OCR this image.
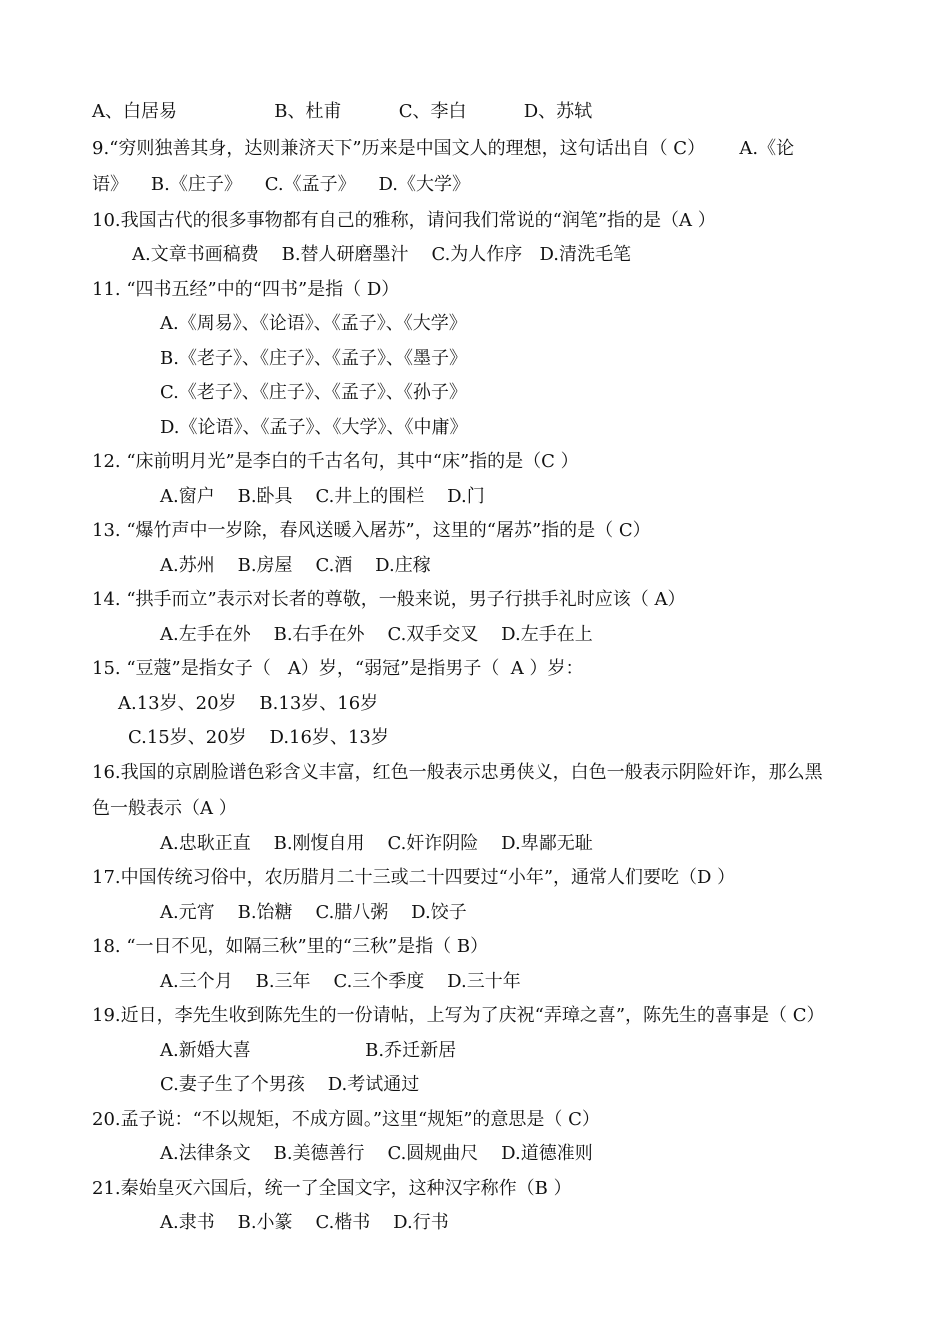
A、白居易                 B、杜甫          C、李白          D、苏轼
9.“穷则独善其身，达则兼济天下”历来是中国文人的理想，这句话出自（ C）      A.《论
语》    B.《庄子》    C.《孟子》    D.《大学》
10.我国古代的很多事物都有自己的雅称，请问我们常说的“润笔”指的是（A ）
A.文章书画稿费    B.替人研磨墨汁    C.为人作序   D.清洗毛笔
11. “四书五经”中的“四书”是指（ D）
A.《周易》、《论语》、《孟子》、《大学》
B.《老子》、《庄子》、《孟子》、《墨子》
C.《老子》、《庄子》、《孟子》、《孙子》
D.《论语》、《孟子》、《大学》、《中庸》
12. “床前明月光”是李白的千古名句，其中“床”指的是（C ）
A.窗户    B.卧具    C.井上的围栏    D.门
13. “爆竹声中一岁除，春风送暖入屠苏”，这里的“屠苏”指的是（ C）
A.苏州    B.房屋    C.酒    D.庄稼
14. “拱手而立”表示对长者的尊敬，一般来说，男子行拱手礼时应该（ A）
A.左手在外    B.右手在外    C.双手交叉    D.左手在上
15. “豆蔻”是指女子（   A）岁，“弱冠”是指男子（  A ）岁：
A.13岁、20岁    B.13岁、16岁
C.15岁、20岁    D.16岁、13岁
16.我国的京剧脸谱色彩含义丰富，红色一般表示忠勇侠义，白色一般表示阴险奸诈，那么黑
色一般表示（A ）
A.忠耿正直    B.刚愎自用    C.奸诈阴险    D.卑鄙无耻
17.中国传统习俗中，农历腊月二十三或二十四要过“小年”，通常人们要吃（D ）
A.元宵    B.饴糖    C.腊八粥    D.饺子
18. “一日不见，如隔三秋”里的“三秋”是指（ B）
A.三个月    B.三年    C.三个季度    D.三十年
19.近日，李先生收到陈先生的一份请帖，上写为了庆祝“弄璋之喜”，陈先生的喜事是（ C）
A.新婚大喜                    B.乔迁新居
C.妻子生了个男孩    D.考试通过
20.孟子说：“不以规矩，不成方圆。”这里“规矩”的意思是（ C）
A.法律条文    B.美德善行    C.圆规曲尺    D.道德准则
21.秦始皇灭六国后，统一了全国文字，这种汉字称作（B ）
A.隶书    B.小篆    C.楷书    D.行书
